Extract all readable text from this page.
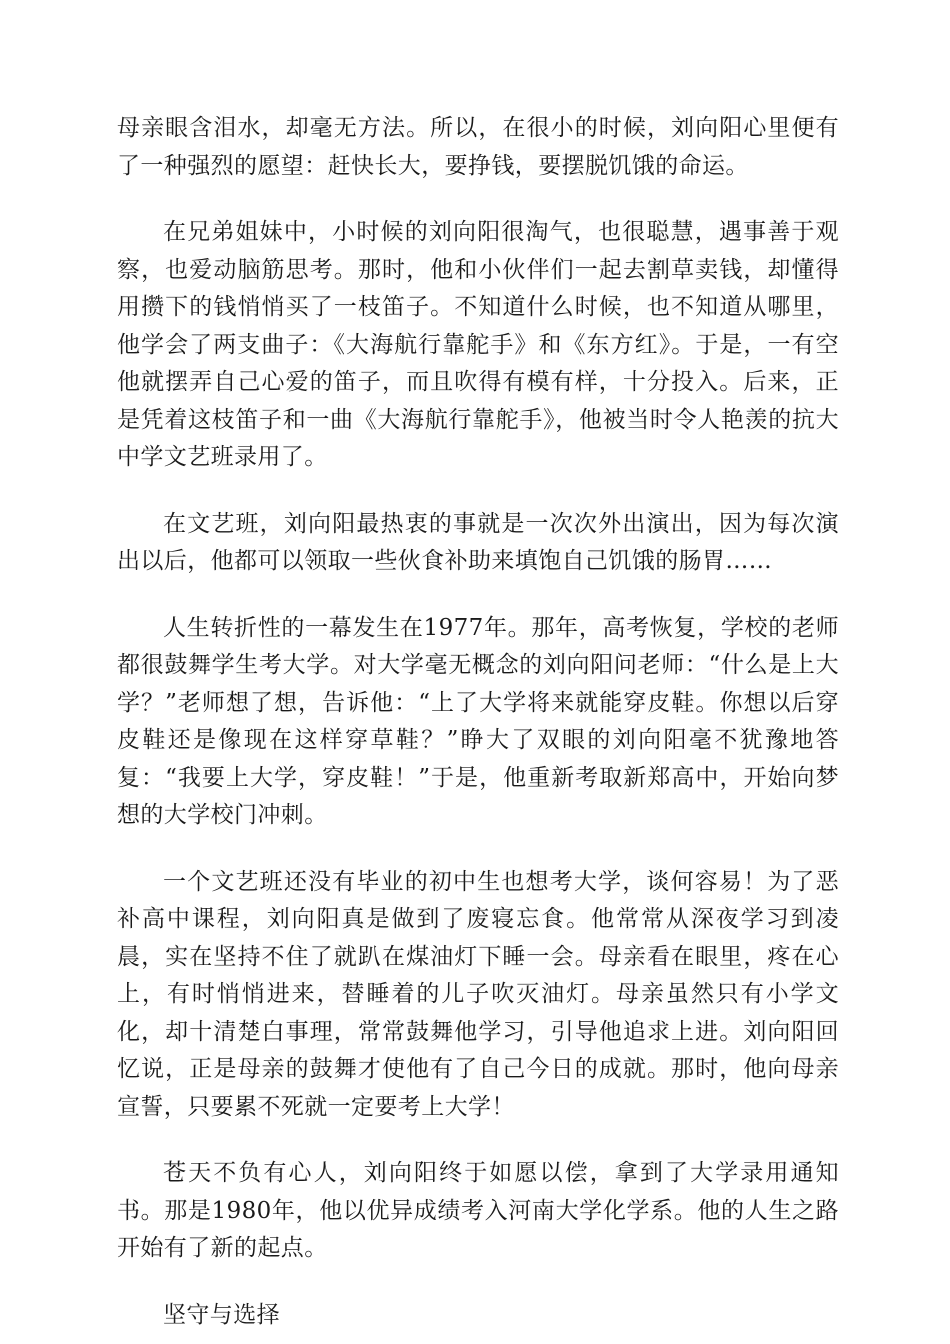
母亲眼含泪水，却毫无方法。所以，在很小的时候，刘向阳心里便有了一种强烈的愿望：赶快长大，要挣钱，要摆脱饥饿的命运。

在兄弟姐妹中，小时候的刘向阳很淘气，也很聪慧，遇事善于观察，也爱动脑筋思考。那时，他和小伙伴们一起去割草卖钱，却懂得用攒下的钱悄悄买了一枝笛子。不知道什么时候，也不知道从哪里，他学会了两支曲子：《大海航行靠舵手》和《东方红》。于是，一有空他就摆弄自己心爱的笛子，而且吹得有模有样，十分投入。后来，正是凭着这枝笛子和一曲《大海航行靠舵手》，他被当时令人艳羡的抗大中学文艺班录用了。

在文艺班，刘向阳最热衷的事就是一次次外出演出，因为每次演出以后，他都可以领取一些伙食补助来填饱自己饥饿的肠胃……

人生转折性的一幕发生在1977年。那年，高考恢复，学校的老师都很鼓舞学生考大学。对大学毫无概念的刘向阳问老师：“什么是上大学？”老师想了想，告诉他：“上了大学将来就能穿皮鞋。你想以后穿皮鞋还是像现在这样穿草鞋？”睁大了双眼的刘向阳毫不犹豫地答复：“我要上大学，穿皮鞋！”于是，他重新考取新郑高中，开始向梦想的大学校门冲刺。

一个文艺班还没有毕业的初中生也想考大学，谈何容易！为了恶补高中课程，刘向阳真是做到了废寝忘食。他常常从深夜学习到凌晨，实在坚持不住了就趴在煤油灯下睡一会。母亲看在眼里，疼在心上，有时悄悄进来，替睡着的儿子吹灭油灯。母亲虽然只有小学文化，却十清楚白事理，常常鼓舞他学习，引导他追求上进。刘向阳回忆说，正是母亲的鼓舞才使他有了自己今日的成就。那时，他向母亲宣誓，只要累不死就一定要考上大学！

苍天不负有心人，刘向阳终于如愿以偿，拿到了大学录用通知书。那是1980年，他以优异成绩考入河南大学化学系。他的人生之路开始有了新的起点。

坚守与选择
